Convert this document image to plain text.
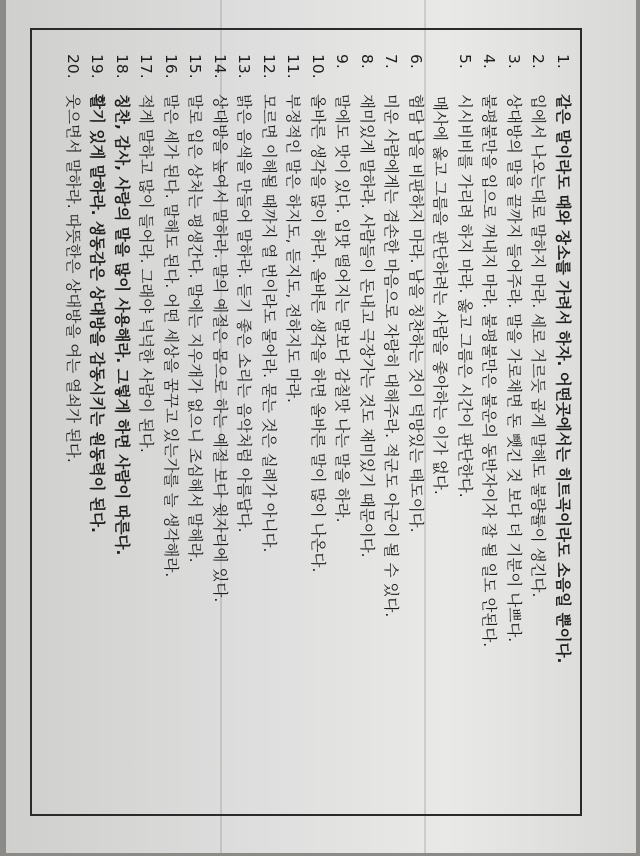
1.같은 말이라도 때와 장소를 가려서 하자. 어떤곳에서는 히트곡이라도 소음일 뿐이다.
2.입에서 나오는대로 말하지 마라. 세로 거르듯 곱게 말해도 불량률이 생긴다.
3.상대방의 말을 끝까지 들어주라. 말을 가로채면 돈 뺏긴 것 보다 더 기분이 나쁘다.
4.불평불만을 입으로 꺼내지 마라. 불평불만은 불운의 동반자이자 잘 될 일도 안된다.
5.시시비비를 가리려 하지 마라. 옳고 그름은 시간이 판단한다.
매사에 옳고 그름을 판단하려는 사람을 좋아하는 이가 없다.
6.험담 남을 비판하지 마라. 남을 칭찬하는 것이 덕망있는 태도이다.
7.미운 사람에게는 겸손한 마음으로 자랑히 대해주라. 적군도 아군이 될 수 있다.
8.재미있게 말하라. 사람들이 돈내고 극장가는 것도 재미있기 때문이다.
9.말에도 맛이 있다. 입맛 떨어지는 말보다 감칠맛 나는 말을 하라.
10.올바른 생각을 많이 하라. 올바른 생각을 하면 올바른 말이 많이 나온다.
11.부정적인 말은 하지도, 듣지도, 전하지도 마라.
12.모르면 이해될 때까지 열 번이라도 물어라. 묻는 것은 실례가 아니다.
13.밝은 음색을 만들어 말하라. 듣기 좋은 소리는 음악처럼 아름답다.
14.상대방을 높여서 말하라. 말의 예절은 몸으로 하는 예절 보다 윗자리에 있다.
15.말로 입은 상처는 평생간다. 말에는 지우개가 없으니 조심해서 말해라.
16.말은 세가 된다. 말해도 된다. 어떤 세상을 꿈꾸고 있는가를 늘 생각해라.
17.적게 말하고 많이 들어라. 그래야 넉넉한 사람이 된다.
18.칭찬, 감사, 사랑의 말을 많이 사용해라. 그렇게 하면 사람이 따른다.
19.활기 있게 말하라. 생동감은 상대방을 감동시키는 원동력이 된다.
20.웃으면서 말하라. 따뜻한은 상대방을 여는 열쇠가 된다.
